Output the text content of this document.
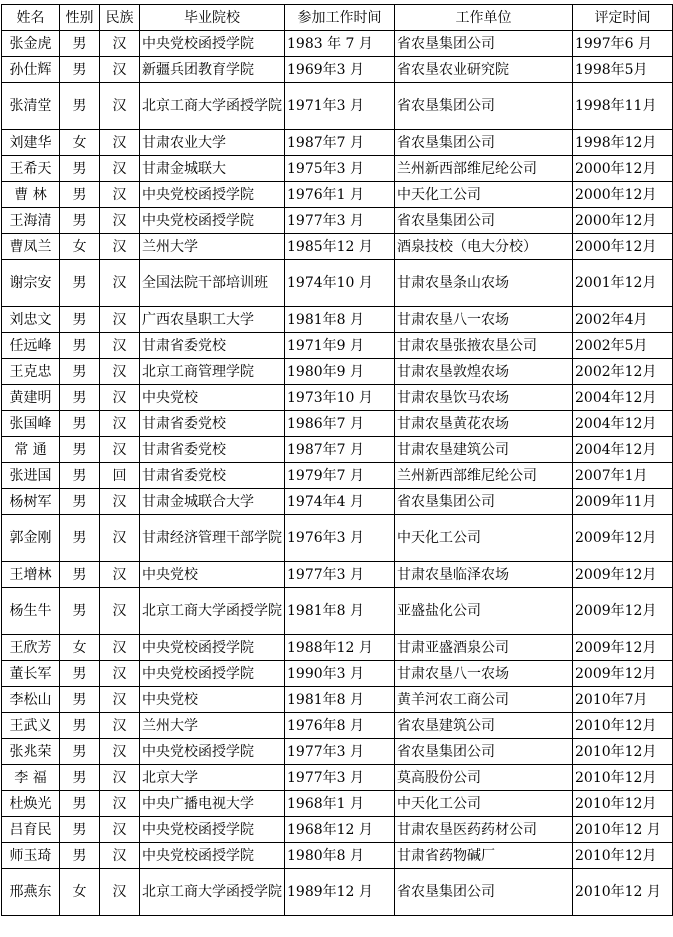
姓名	性别	民族	毕业院校	参加工作时间	工作单位	评定时间
张金虎	男	汉	中央党校函授学院	1983 年 7 月	省农垦集团公司	1997年6 月
孙仕辉	男	汉	新疆兵团教育学院	1969年3 月	省农垦农业研究院	1998年5月
张清堂	男	汉	北京工商大学函授学院	1971年3 月	省农垦集团公司	1998年11月
刘建华	女	汉	甘肃农业大学	1987年7 月	省农垦集团公司	1998年12月
王希天	男	汉	甘肃金城联大	1975年3 月	兰州新西部维尼纶公司	2000年12月
曹 林	男	汉	中央党校函授学院	1976年1 月	中天化工公司	2000年12月
王海清	男	汉	中央党校函授学院	1977年3 月	省农垦集团公司	2000年12月
曹凤兰	女	汉	兰州大学	1985年12 月	酒泉技校（电大分校）	2000年12月
谢宗安	男	汉	全国法院干部培训班	1974年10 月	甘肃农垦条山农场	2001年12月
刘忠文	男	汉	广西农垦职工大学	1981年8 月	甘肃农垦八一农场	2002年4月
任远峰	男	汉	甘肃省委党校	1971年9 月	甘肃农垦张掖农垦公司	2002年5月
王克忠	男	汉	北京工商管理学院	1980年9 月	甘肃农垦敦煌农场	2002年12月
黄建明	男	汉	中央党校	1973年10 月	甘肃农垦饮马农场	2004年12月
张国峰	男	汉	甘肃省委党校	1986年7 月	甘肃农垦黄花农场	2004年12月
常 通	男	汉	甘肃省委党校	1987年7 月	甘肃农垦建筑公司	2004年12月
张进国	男	回	甘肃省委党校	1979年7 月	兰州新西部维尼纶公司	2007年1月
杨树军	男	汉	甘肃金城联合大学	1974年4 月	省农垦集团公司	2009年11月
郭金刚	男	汉	甘肃经济管理干部学院	1976年3 月	中天化工公司	2009年12月
王增林	男	汉	中央党校	1977年3 月	甘肃农垦临泽农场	2009年12月
杨生牛	男	汉	北京工商大学函授学院	1981年8 月	亚盛盐化公司	2009年12月
王欣芳	女	汉	中央党校函授学院	1988年12 月	甘肃亚盛酒泉公司	2009年12月
董长军	男	汉	中央党校函授学院	1990年3 月	甘肃农垦八一农场	2009年12月
李松山	男	汉	中央党校	1981年8 月	黄羊河农工商公司	2010年7月
王武义	男	汉	兰州大学	1976年8 月	省农垦建筑公司	2010年12月
张兆荣	男	汉	中央党校函授学院	1977年3 月	省农垦集团公司	2010年12月
李 福	男	汉	北京大学	1977年3 月	莫高股份公司	2010年12月
杜焕光	男	汉	中央广播电视大学	1968年1 月	中天化工公司	2010年12月
吕育民	男	汉	中央党校函授学院	1968年12 月	甘肃农垦医药药材公司	2010年12 月
师玉琦	男	汉	中央党校函授学院	1980年8 月	甘肃省药物碱厂	2010年12月
邢燕东	女	汉	北京工商大学函授学院	1989年12 月	省农垦集团公司	2010年12 月
